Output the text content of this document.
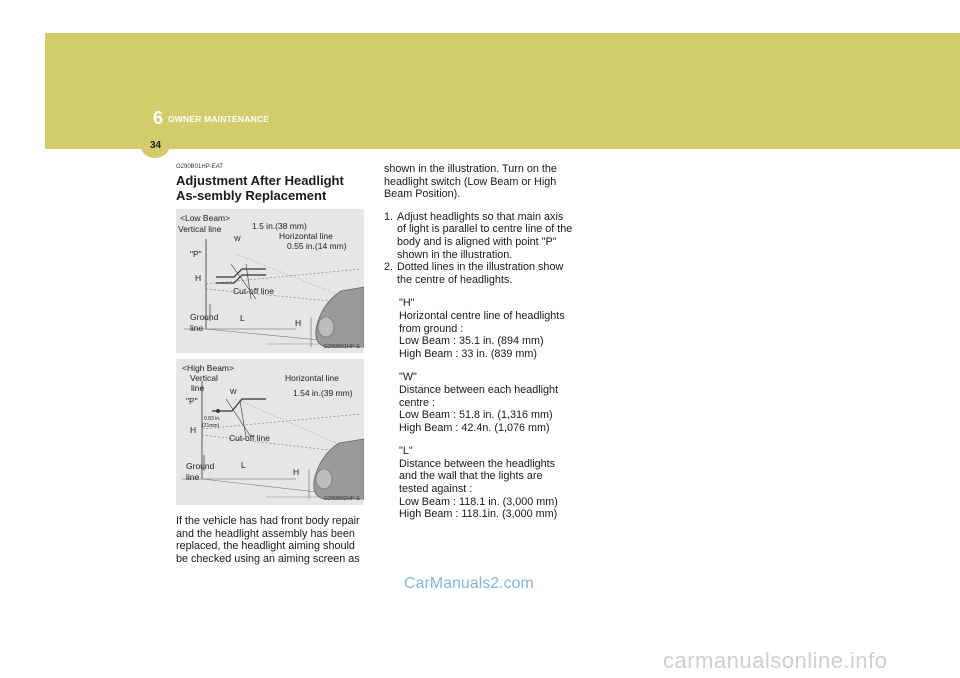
6 OWNER MAINTENANCE
34
G290B01HP-EAT
Adjustment After Headlight As-sembly Replacement
<Low Beam>
Vertical line	1.5 in.(38 mm)
Horizontal line
0.55 in.(14 mm)
W
"P"
H
Cut-off line
Ground
line
L	H
G290B01HP-E
<High Beam>
Vertical
line
Horizontal line
W	1.54 in.(39 mm)
"P"
0.83 in.
(21mm)
H
Cut-off line
Ground
line
L
H
G290B02HP-E

If the vehicle has had front body repair and the headlight assembly has been replaced, the headlight aiming should be checked using an aiming screen as

shown in the illustration. Turn on the headlight switch (Low Beam or High Beam Position).

1. Adjust headlights so that main axis of light is parallel to centre line of the body and is aligned with point "P" shown in the illustration.
2. Dotted lines in the illustration show the centre of headlights.

"H"

Horizontal centre line of headlights from ground :

Low Beam : 35.1 in. (894 mm)

High Beam : 33 in. (839 mm)

"W"

Distance between each headlight centre :

Low Beam : 51.8 in. (1,316 mm)

High Beam : 42.4n. (1,076 mm)

"L"

Distance between the headlights and the wall that the lights are tested against :

Low Beam : 118.1 in. (3,000 mm)

High Beam : 118.1in. (3,000 mm)

CarManuals2.com
carmanualsonline.info
